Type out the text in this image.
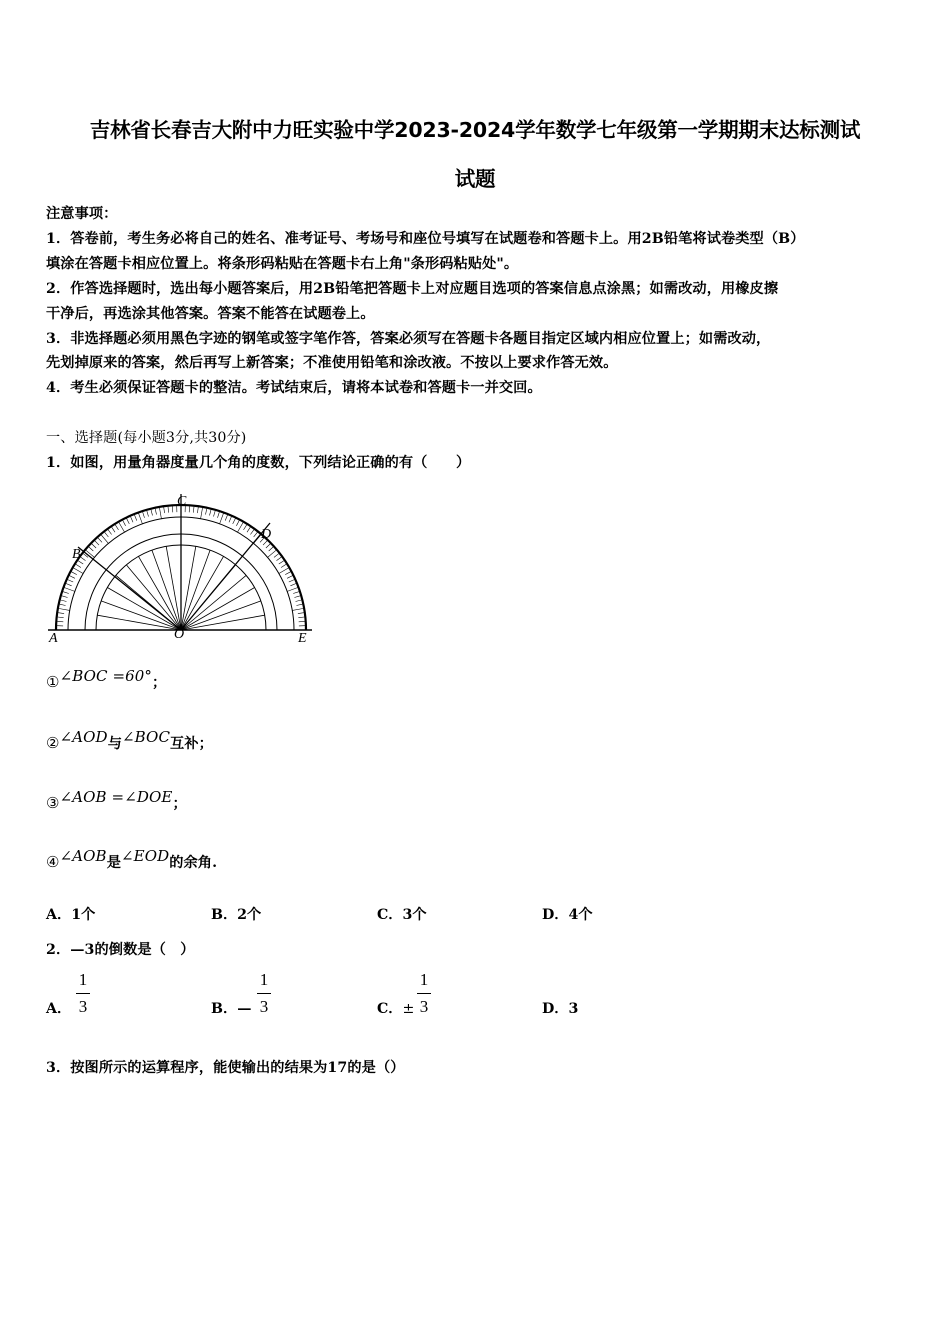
吉林省长春吉大附中力旺实验中学2023-2024学年数学七年级第一学期期末达标测试
试题
注意事项：
1．答卷前，考生务必将自己的姓名、准考证号、考场号和座位号填写在试题卷和答题卡上。用2B铅笔将试卷类型（B）
填涂在答题卡相应位置上。将条形码粘贴在答题卡右上角"条形码粘贴处"。
2．作答选择题时，选出每小题答案后，用2B铅笔把答题卡上对应题目选项的答案信息点涂黑；如需改动，用橡皮擦
干净后，再选涂其他答案。答案不能答在试题卷上。
3．非选择题必须用黑色字迹的钢笔或签字笔作答，答案必须写在答题卡各题目指定区域内相应位置上；如需改动，
先划掉原来的答案，然后再写上新答案；不准使用铅笔和涂改液。不按以上要求作答无效。
4．考生必须保证答题卡的整洁。考试结束后，请将本试卷和答题卡一并交回。
一、选择题(每小题3分,共30分)
1．如图，用量角器度量几个角的度数，下列结论正确的有（　　）
C
B
D
A	O	E
①∠BOC =60°；
②∠AOD与∠BOC互补；
③∠AOB =∠DOE；
④∠AOB是∠EOD的余角.
A．1个	B．2个	C．3个	D．4个
2．—3的倒数是（　）
A．
1
3	B．—
1
3	C．±
1
3	D．3
3．按图所示的运算程序，能使输出的结果为17的是（）
